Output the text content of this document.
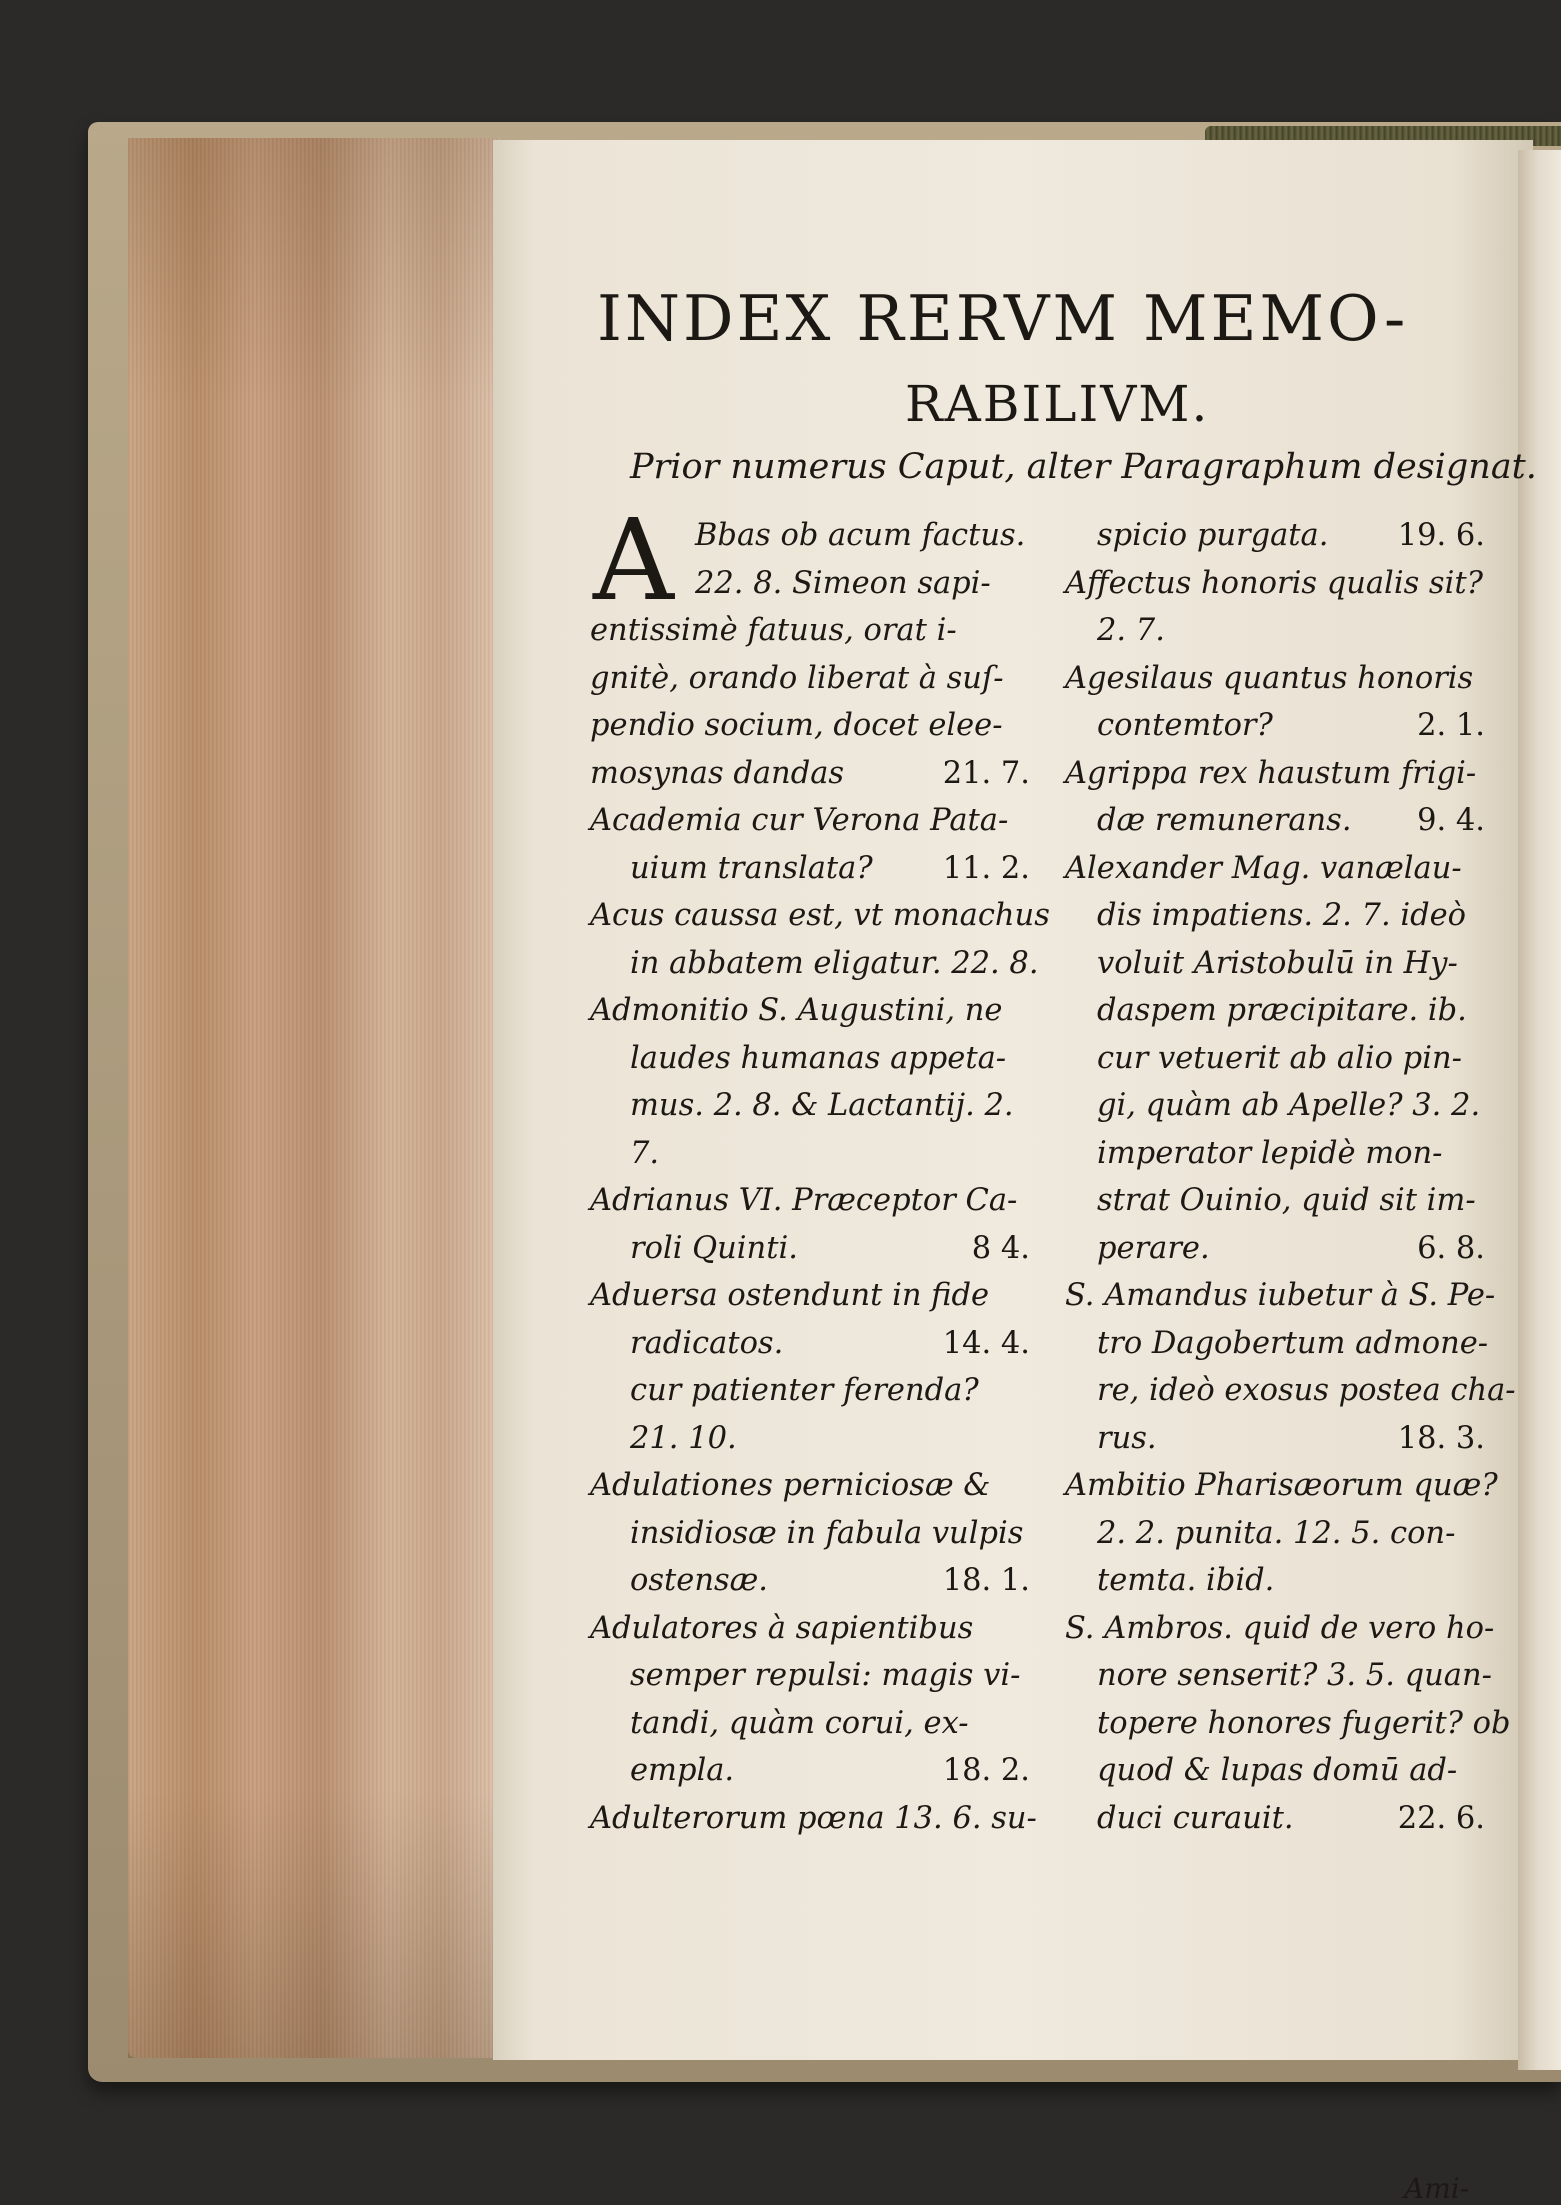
INDEX RERVM MEMO-
RABILIVM.
Prior numerus Caput, alter Paragraphum designat.
A Bbas ob acum factus.
22. 8. Simeon sapi-
entissimè fatuus, orat i-
gnitè, orando liberat à suſ-
pendio socium, docet elee-
mosynas dandas	21. 7.
Academia cur Verona Pata-
uium translata? 11. 2.
Acus caussa est, vt monachus
in abbatem eligatur. 22. 8.
Admonitio S. Augustini, ne
laudes humanas appeta-
mus. 2. 8. & Lactantij. 2.
7.
Adrianus VI. Præceptor Ca-
roli Quinti.	8 4.
Aduersa ostendunt in fide
radicatos.	14. 4.
cur patienter ferenda?
21. 10.
Adulationes perniciosæ &
insidiosæ in fabula vulpis
ostensæ.	18. 1.
Adulatores à sapientibus
semper repulsi: magis vi-
tandi, quàm corui, ex-
empla.	18. 2.
Adulterorum pœna 13. 6. su-
spicio purgata. 19. 6.
Affectus honoris qualis sit?
2. 7.
Agesilaus quantus honoris
contemtor?	2. 1.
Agrippa rex haustum frigi-
dæ remunerans. 9. 4.
Alexander Mag. vanælau-
dis impatiens. 2. 7. ideò
voluit Aristobulū in Hy-
daspem præcipitare. ib.
cur vetuerit ab alio pin-
gi, quàm ab Apelle? 3. 2.
imperator lepidè mon-
strat Ouinio, quid sit im-
perare.	6. 8.
S. Amandus iubetur à S. Pe-
tro Dagobertum admone-
re, ideò exosus postea cha-
rus.	18. 3.
Ambitio Pharisæorum quæ?
2. 2. punita. 12. 5. con-
temta. ibid.
S. Ambros. quid de vero ho-
nore senserit? 3. 5. quan-
topere honores fugerit? ob
quod & lupas domū ad-
duci curauit.	22. 6.
Ami-
